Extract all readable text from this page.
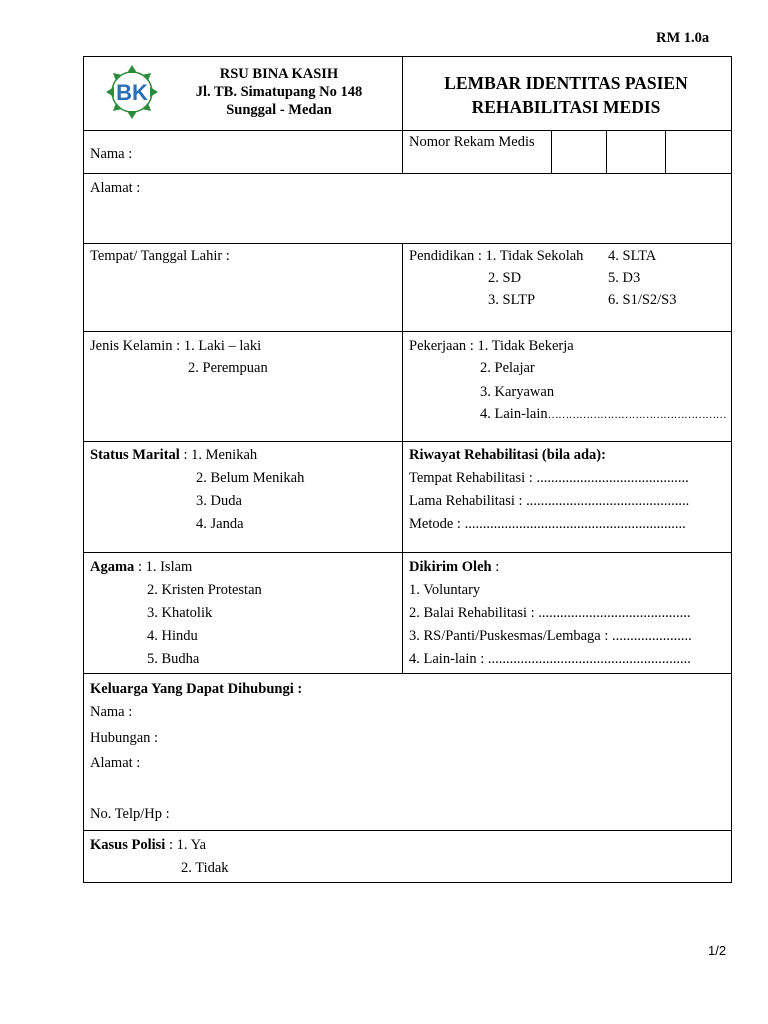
RM 1.0a
BK
RSU BINA KASIH
Jl. TB. Simatupang No 148
Sunggal - Medan
LEMBAR IDENTITAS PASIEN
REHABILITASI MEDIS
Nama :
Nomor Rekam Medis
Alamat :
Tempat/ Tanggal Lahir :	Pendidikan : 1. Tidak Sekolah
2. SD
3. SLTP
4. SLTA
5. D3
6. S1/S2/S3
Jenis Kelamin : 1. Laki – laki
2. Perempuan
Pekerjaan : 1. Tidak Bekerja
2. Pelajar
3. Karyawan
4. Lain-lain……………………………………………
Status Marital : 1. Menikah
2. Belum Menikah
3. Duda
4. Janda
Riwayat Rehabilitasi (bila ada):
Tempat Rehabilitasi : ..........................................
Lama Rehabilitasi : .............................................
Metode : .............................................................
Agama : 1. Islam
2. Kristen Protestan
3. Khatolik
4. Hindu
5. Budha
Dikirim Oleh :
1. Voluntary
2. Balai Rehabilitasi : ..........................................
3. RS/Panti/Puskesmas/Lembaga : ......................
4. Lain-lain : ........................................................
Keluarga Yang Dapat Dihubungi :
Nama :
Hubungan :
Alamat :
No. Telp/Hp :
Kasus Polisi : 1. Ya
2. Tidak
1/2
